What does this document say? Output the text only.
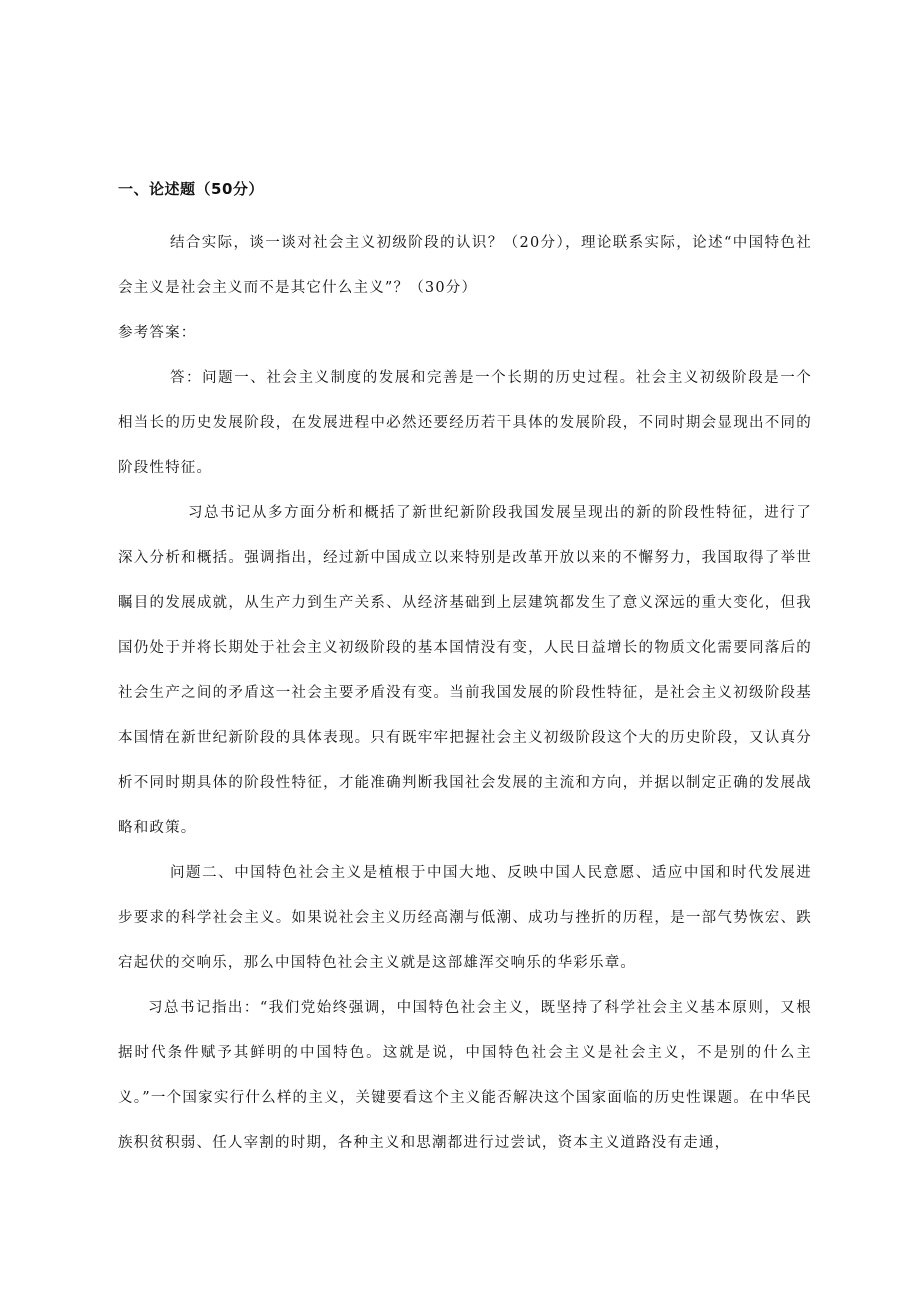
一、论述题（50分）

结合实际，谈一谈对社会主义初级阶段的认识？（20分），理论联系实际，论述“中国特色社会主义是社会主义而不是其它什么主义”？（30分）

参考答案：

答：问题一、社会主义制度的发展和完善是一个长期的历史过程。社会主义初级阶段是一个相当长的历史发展阶段，在发展进程中必然还要经历若干具体的发展阶段，不同时期会显现出不同的阶段性特征。

习总书记从多方面分析和概括了新世纪新阶段我国发展呈现出的新的阶段性特征，进行了深入分析和概括。强调指出，经过新中国成立以来特别是改革开放以来的不懈努力，我国取得了举世瞩目的发展成就，从生产力到生产关系、从经济基础到上层建筑都发生了意义深远的重大变化，但我国仍处于并将长期处于社会主义初级阶段的基本国情没有变，人民日益增长的物质文化需要同落后的社会生产之间的矛盾这一社会主要矛盾没有变。当前我国发展的阶段性特征，是社会主义初级阶段基本国情在新世纪新阶段的具体表现。只有既牢牢把握社会主义初级阶段这个大的历史阶段，又认真分析不同时期具体的阶段性特征，才能准确判断我国社会发展的主流和方向，并据以制定正确的发展战略和政策。

问题二、中国特色社会主义是植根于中国大地、反映中国人民意愿、适应中国和时代发展进步要求的科学社会主义。如果说社会主义历经高潮与低潮、成功与挫折的历程，是一部气势恢宏、跌宕起伏的交响乐，那么中国特色社会主义就是这部雄浑交响乐的华彩乐章。

习总书记指出：“我们党始终强调，中国特色社会主义，既坚持了科学社会主义基本原则，又根据时代条件赋予其鲜明的中国特色。这就是说，中国特色社会主义是社会主义，不是别的什么主义。”一个国家实行什么样的主义，关键要看这个主义能否解决这个国家面临的历史性课题。在中华民族积贫积弱、任人宰割的时期，各种主义和思潮都进行过尝试，资本主义道路没有走通，
